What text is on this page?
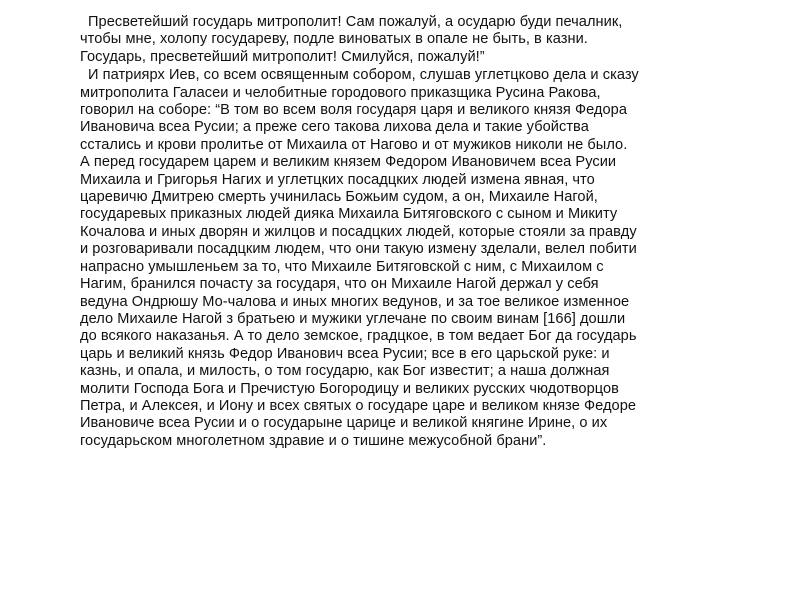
Пресветейший государь митрополит! Сам пожалуй, а осударю буди печалник,
чтобы мне, холопу государеву, подле виноватых в опале не быть, в казни.
Государь, пресветейший митрополит! Смилуйся, пожалуй!”

И патриярх Иев, со всем освященным собором, слушав углетцково дела и сказу
митрополита Галасеи и челобитные городового приказщика Русина Ракова,
говорил на соборе: “В том во всем воля государя царя и великого князя Федора
Ивановича всеа Русии; а преже сего такова лихова дела и такие убойства
сстались и крови пролитье от Михаила от Нагово и от мужиков николи не было.
А перед государем царем и великим князем Федором Ивановичем всеа Русии
Михаила и Григорья Нагих и углетцких посадцких людей измена явная, что
царевичю Дмитрею смерть учинилась Божьим судом, а он, Михаиле Нагой,
государевых приказных людей дияка Михаила Битяговского с сыном и Микиту
Кочалова и иных дворян и жилцов и посадцких людей, которые стояли за правду
и розговаривали посадцким людем, что они такую измену зделали, велел побити
напрасно умышленьем за то, что Михаиле Битяговской с ним, с Михаилом с
Нагим, бранился почасту за государя, что он Михаиле Нагой держал у себя
ведуна Ондрюшу Мо-чалова и иных многих ведунов, и за тое великое изменное
дело Михаиле Нагой з братьею и мужики углечане по своим винам [166] дошли
до всякого наказанья. А то дело земское, градцкое, в том ведает Бог да государь
царь и великий князь Федор Иванович всеа Русии; все в его царьской руке: и
казнь, и опала, и милость, о том государю, как Бог известит; а наша должная
молити Господа Бога и Пречистую Богородицу и великих русских чюдотворцов
Петра, и Алексея, и Иону и всех святых о государе царе и великом князе Федоре
Ивановиче всеа Русии и о государыне царице и великой княгине Ирине, о их
государьском многолетном здравие и о тишине межусобной брани”.
